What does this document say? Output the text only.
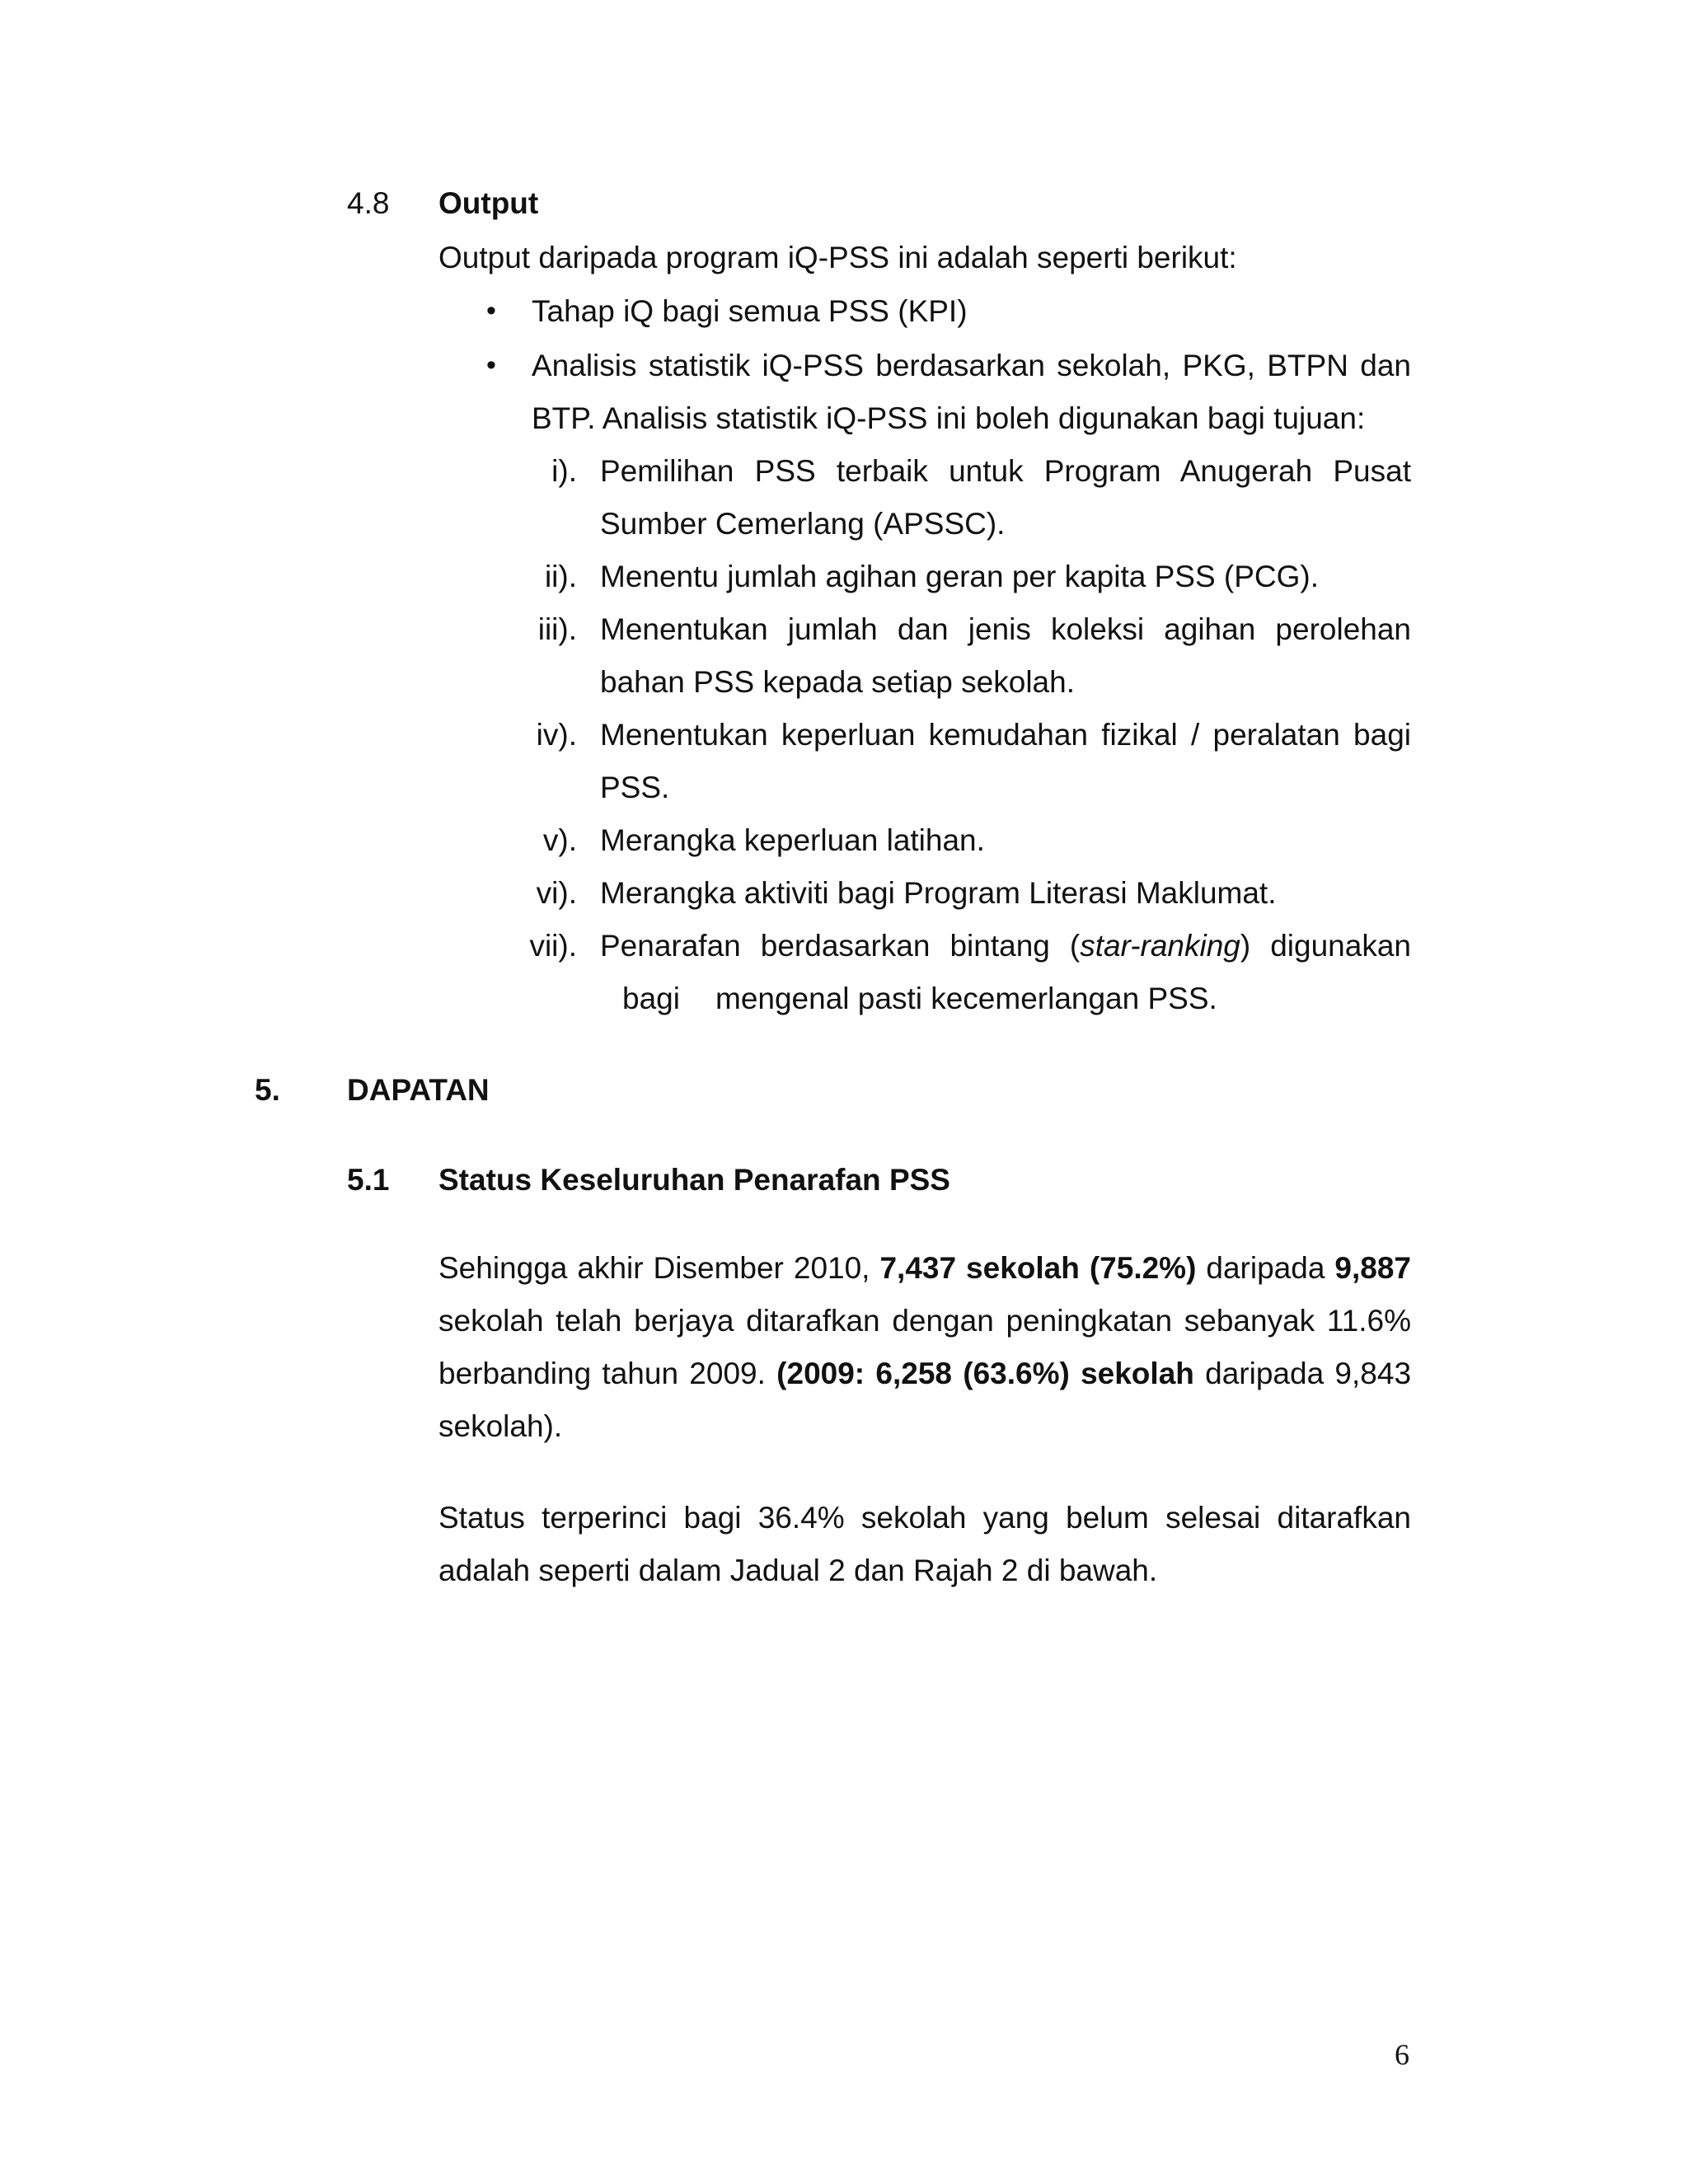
4.8 Output
Output daripada program iQ-PSS ini adalah seperti berikut:
• Tahap iQ bagi semua PSS (KPI)
• Analisis statistik iQ-PSS berdasarkan sekolah, PKG, BTPN dan
BTP. Analisis statistik iQ-PSS ini boleh digunakan bagi tujuan:
i). Pemilihan PSS terbaik untuk Program Anugerah Pusat
Sumber Cemerlang (APSSC).
ii). Menentu jumlah agihan geran per kapita PSS (PCG).
iii). Menentukan jumlah dan jenis koleksi agihan perolehan
bahan PSS kepada setiap sekolah.
iv). Menentukan keperluan kemudahan fizikal / peralatan bagi
PSS.
v). Merangka keperluan latihan.
vi). Merangka aktiviti bagi Program Literasi Maklumat.
vii). Penarafan berdasarkan bintang (star-ranking) digunakan
bagi mengenal pasti kecemerlangan PSS.
5. DAPATAN
5.1 Status Keseluruhan Penarafan PSS
Sehingga akhir Disember 2010, 7,437 sekolah (75.2%) daripada 9,887
sekolah telah berjaya ditarafkan dengan peningkatan sebanyak 11.6%
berbanding tahun 2009. (2009: 6,258 (63.6%) sekolah daripada 9,843
sekolah).
Status terperinci bagi 36.4% sekolah yang belum selesai ditarafkan
adalah seperti dalam Jadual 2 dan Rajah 2 di bawah.
6
